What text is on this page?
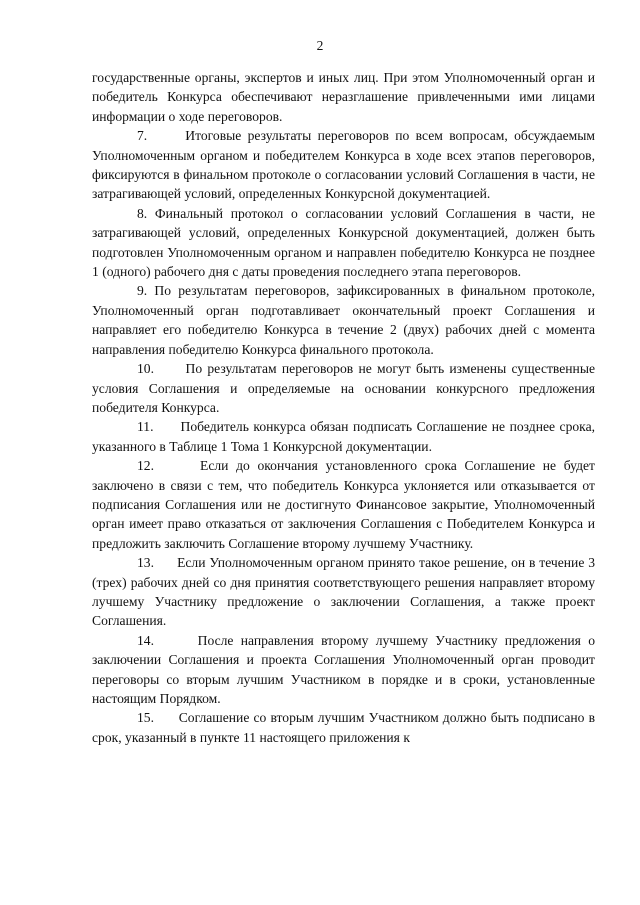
2

государственные органы, экспертов и иных лиц. При этом Уполномоченный орган и победитель Конкурса обеспечивают неразглашение привлеченными ими лицами информации о ходе переговоров.

7.	Итоговые результаты переговоров по всем вопросам, обсуждаемым Уполномоченным органом и победителем Конкурса в ходе всех этапов переговоров, фиксируются в финальном протоколе о согласовании условий Соглашения в части, не затрагивающей условий, определенных Конкурсной документацией.

8. Финальный протокол о согласовании условий Соглашения в части, не затрагивающей условий, определенных Конкурсной документацией, должен быть подготовлен Уполномоченным органом и направлен победителю Конкурса не позднее 1 (одного) рабочего дня с даты проведения последнего этапа переговоров.

9. По результатам переговоров, зафиксированных в финальном протоколе, Уполномоченный орган подготавливает окончательный проект Соглашения и направляет его победителю Конкурса в течение 2 (двух) рабочих дней с момента направления победителю Конкурса финального протокола.

10. По результатам переговоров не могут быть изменены существенные условия Соглашения и определяемые на основании конкурсного предложения победителя Конкурса.

11. Победитель конкурса обязан подписать Соглашение не позднее срока, указанного в Таблице 1 Тома 1 Конкурсной документации.

12.	Если до окончания установленного срока Соглашение не будет заключено в связи с тем, что победитель Конкурса уклоняется или отказывается от подписания Соглашения или не достигнуто Финансовое закрытие, Уполномоченный орган имеет право отказаться от заключения Соглашения с Победителем Конкурса и предложить заключить Соглашение второму лучшему Участнику.

13. Если Уполномоченным органом принято такое решение, он в течение 3 (трех) рабочих дней со дня принятия соответствующего решения направляет второму лучшему Участнику предложение о заключении Соглашения, а также проект Соглашения.

14.	После направления второму лучшему Участнику предложения о заключении Соглашения и проекта Соглашения Уполномоченный орган проводит переговоры со вторым лучшим Участником в порядке и в сроки, установленные настоящим Порядком.

15. Соглашение со вторым лучшим Участником должно быть подписано в срок, указанный в пункте 11 настоящего приложения к
